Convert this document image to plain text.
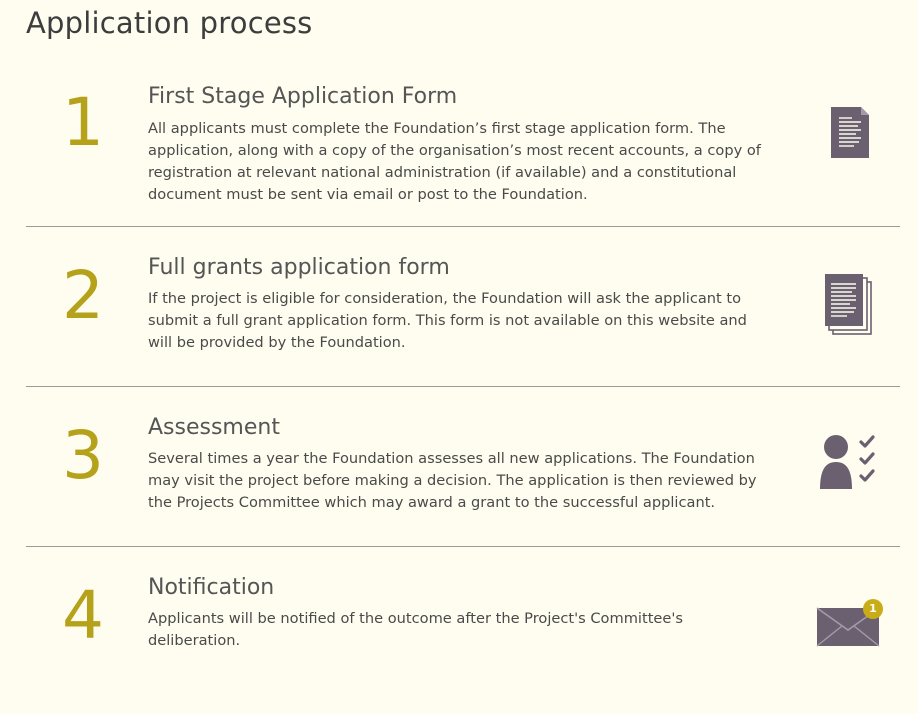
Application process
1 First Stage Application Form

All applicants must complete the Foundation’s first stage application form. The application, along with a copy of the organisation’s most recent accounts, a copy of registration at relevant national administration (if available) and a constitutional document must be sent via email or post to the Foundation.

2 Full grants application form

If the project is eligible for consideration, the Foundation will ask the applicant to submit a full grant application form. This form is not available on this website and will be provided by the Foundation.

3 Assessment

Several times a year the Foundation assesses all new applications. The Foundation may visit the project before making a decision. The application is then reviewed by the Projects Committee which may award a grant to the successful applicant.

4 Notification

Applicants will be notified of the outcome after the Project's Committee's deliberation.

1
